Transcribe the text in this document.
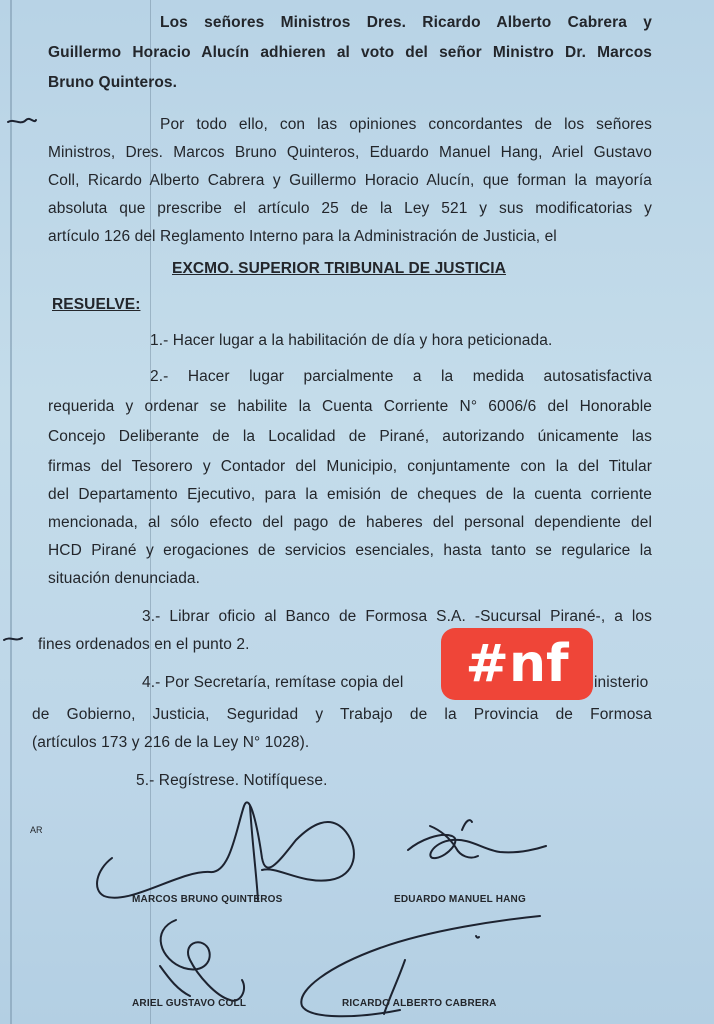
Los señores Ministros Dres. Ricardo Alberto Cabrera y
Guillermo Horacio Alucín adhieren al voto del señor Ministro Dr. Marcos
Bruno Quinteros.
Por todo ello, con las opiniones concordantes de los señores
Ministros, Dres. Marcos Bruno Quinteros, Eduardo Manuel Hang, Ariel Gustavo
Coll, Ricardo Alberto Cabrera y Guillermo Horacio Alucín, que forman la mayoría
absoluta que prescribe el artículo 25 de la Ley 521 y sus modificatorias y
artículo 126 del Reglamento Interno para la Administración de Justicia, el
EXCMO. SUPERIOR TRIBUNAL DE JUSTICIA
RESUELVE:
1.- Hacer lugar a la habilitación de día y hora peticionada.
2.- Hacer lugar parcialmente a la medida autosatisfactiva
requerida y ordenar se habilite la Cuenta Corriente N° 6006/6 del Honorable
Concejo Deliberante de la Localidad de Pirané, autorizando únicamente las
firmas del Tesorero y Contador del Municipio, conjuntamente con la del Titular
del Departamento Ejecutivo, para la emisión de cheques de la cuenta corriente
mencionada, al sólo efecto del pago de haberes del personal dependiente del
HCD Pirané y erogaciones de servicios esenciales, hasta tanto se regularice la
situación denunciada.
3.- Librar oficio al Banco de Formosa S.A. -Sucursal Pirané-, a los
fines ordenados en el punto 2.
4.- Por Secretaría, remítase copia del	inisterio
de Gobierno, Justicia, Seguridad y Trabajo de la Provincia de Formosa
(artículos 173 y 216 de la Ley N° 1028).
5.- Regístrese. Notifíquese.
AR
MARCOS BRUNO QUINTEROS	EDUARDO MANUEL HANG
ARIEL GUSTAVO COLL	RICARDO ALBERTO CABRERA
#nf
